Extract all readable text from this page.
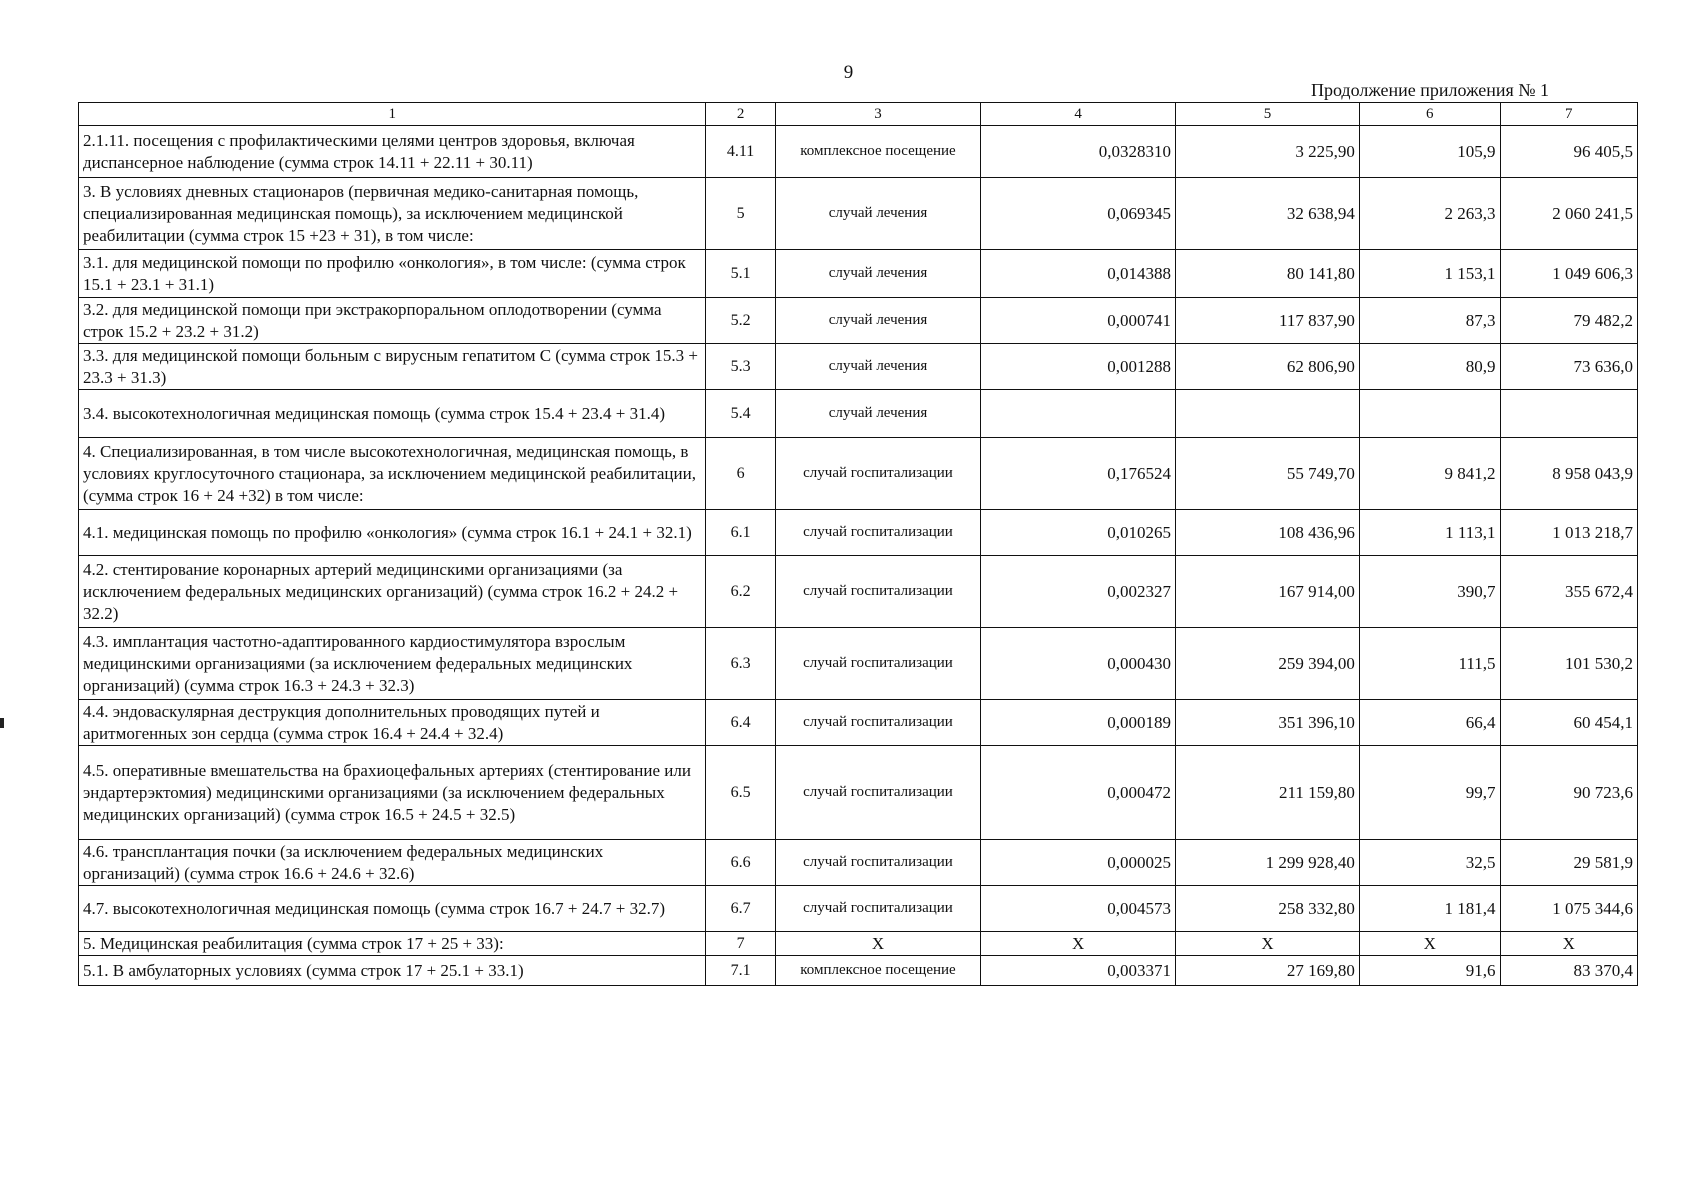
9
Продолжение приложения № 1
1	2	3	4	5	6	7
2.1.11. посещения с профилактическими целями центров здоровья, включая диспансерное наблюдение (сумма строк 14.11 + 22.11 + 30.11)	4.11	комплексное посещение	0,0328310	3 225,90	105,9	96 405,5
3. В условиях дневных стационаров (первичная медико-санитарная помощь, специализированная медицинская помощь), за исключением медицинской реабилитации (сумма строк 15 +23 + 31), в том числе:	5	случай лечения	0,069345	32 638,94	2 263,3	2 060 241,5
3.1. для медицинской помощи по профилю «онкология», в том числе: (сумма строк 15.1 + 23.1 + 31.1)	5.1	случай лечения	0,014388	80 141,80	1 153,1	1 049 606,3
3.2. для медицинской помощи при экстракорпоральном оплодотворении (сумма строк 15.2 + 23.2 + 31.2)	5.2	случай лечения	0,000741	117 837,90	87,3	79 482,2
3.3. для медицинской помощи больным с вирусным гепатитом С (сумма строк 15.3 + 23.3 + 31.3)	5.3	случай лечения	0,001288	62 806,90	80,9	73 636,0
3.4. высокотехнологичная медицинская помощь (сумма строк 15.4 + 23.4 + 31.4)	5.4	случай лечения				
4. Специализированная, в том числе высокотехнологичная, медицинская помощь, в условиях круглосуточного стационара, за исключением медицинской реабилитации,(сумма строк 16 + 24 +32) в том числе:	6	случай госпитализации	0,176524	55 749,70	9 841,2	8 958 043,9
4.1. медицинская помощь по профилю «онкология» (сумма строк 16.1 + 24.1 + 32.1)	6.1	случай госпитализации	0,010265	108 436,96	1 113,1	1 013 218,7
4.2. стентирование коронарных артерий медицинскими организациями (за исключением федеральных медицинских организаций) (сумма строк 16.2 + 24.2 + 32.2)	6.2	случай госпитализации	0,002327	167 914,00	390,7	355 672,4
4.3. имплантация частотно-адаптированного кардиостимулятора взрослым медицинскими организациями (за исключением федеральных медицинских организаций) (сумма строк 16.3 + 24.3 + 32.3)	6.3	случай госпитализации	0,000430	259 394,00	111,5	101 530,2
4.4. эндоваскулярная деструкция дополнительных проводящих путей и аритмогенных зон сердца (сумма строк 16.4 + 24.4 + 32.4)	6.4	случай госпитализации	0,000189	351 396,10	66,4	60 454,1
4.5. оперативные вмешательства на брахиоцефальных артериях (стентирование или эндартерэктомия) медицинскими организациями (за исключением федеральных медицинских организаций) (сумма строк 16.5 + 24.5 + 32.5)	6.5	случай госпитализации	0,000472	211 159,80	99,7	90 723,6
4.6. трансплантация почки (за исключением федеральных медицинских организаций) (сумма строк 16.6 + 24.6 + 32.6)	6.6	случай госпитализации	0,000025	1 299 928,40	32,5	29 581,9
4.7. высокотехнологичная медицинская помощь (сумма строк 16.7 + 24.7 + 32.7)	6.7	случай госпитализации	0,004573	258 332,80	1 181,4	1 075 344,6
5. Медицинская реабилитация (сумма строк 17 + 25 + 33):	7	Х	Х	Х	Х	Х
5.1. В амбулаторных условиях (сумма строк 17 + 25.1 + 33.1)	7.1	комплексное посещение	0,003371	27 169,80	91,6	83 370,4
